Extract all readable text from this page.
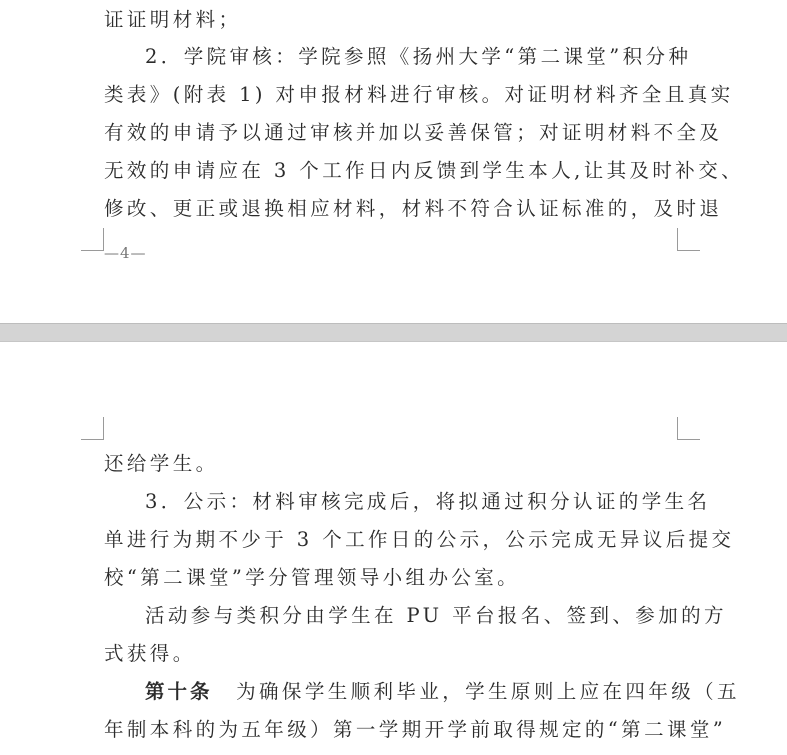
证证明材料；
2．学院审核：学院参照《扬州大学“第二课堂”积分种
类表》(附表 1) 对申报材料进行审核。对证明材料齐全且真实
有效的申请予以通过审核并加以妥善保管；对证明材料不全及
无效的申请应在 3 个工作日内反馈到学生本人,让其及时补交、
修改、更正或退换相应材料，材料不符合认证标准的，及时退
—4—
还给学生。
3．公示：材料审核完成后，将拟通过积分认证的学生名
单进行为期不少于 3 个工作日的公示，公示完成无异议后提交
校“第二课堂”学分管理领导小组办公室。
活动参与类积分由学生在 PU 平台报名、签到、参加的方
式获得。
第十条 为确保学生顺利毕业，学生原则上应在四年级（五
年制本科的为五年级）第一学期开学前取得规定的“第二课堂”
